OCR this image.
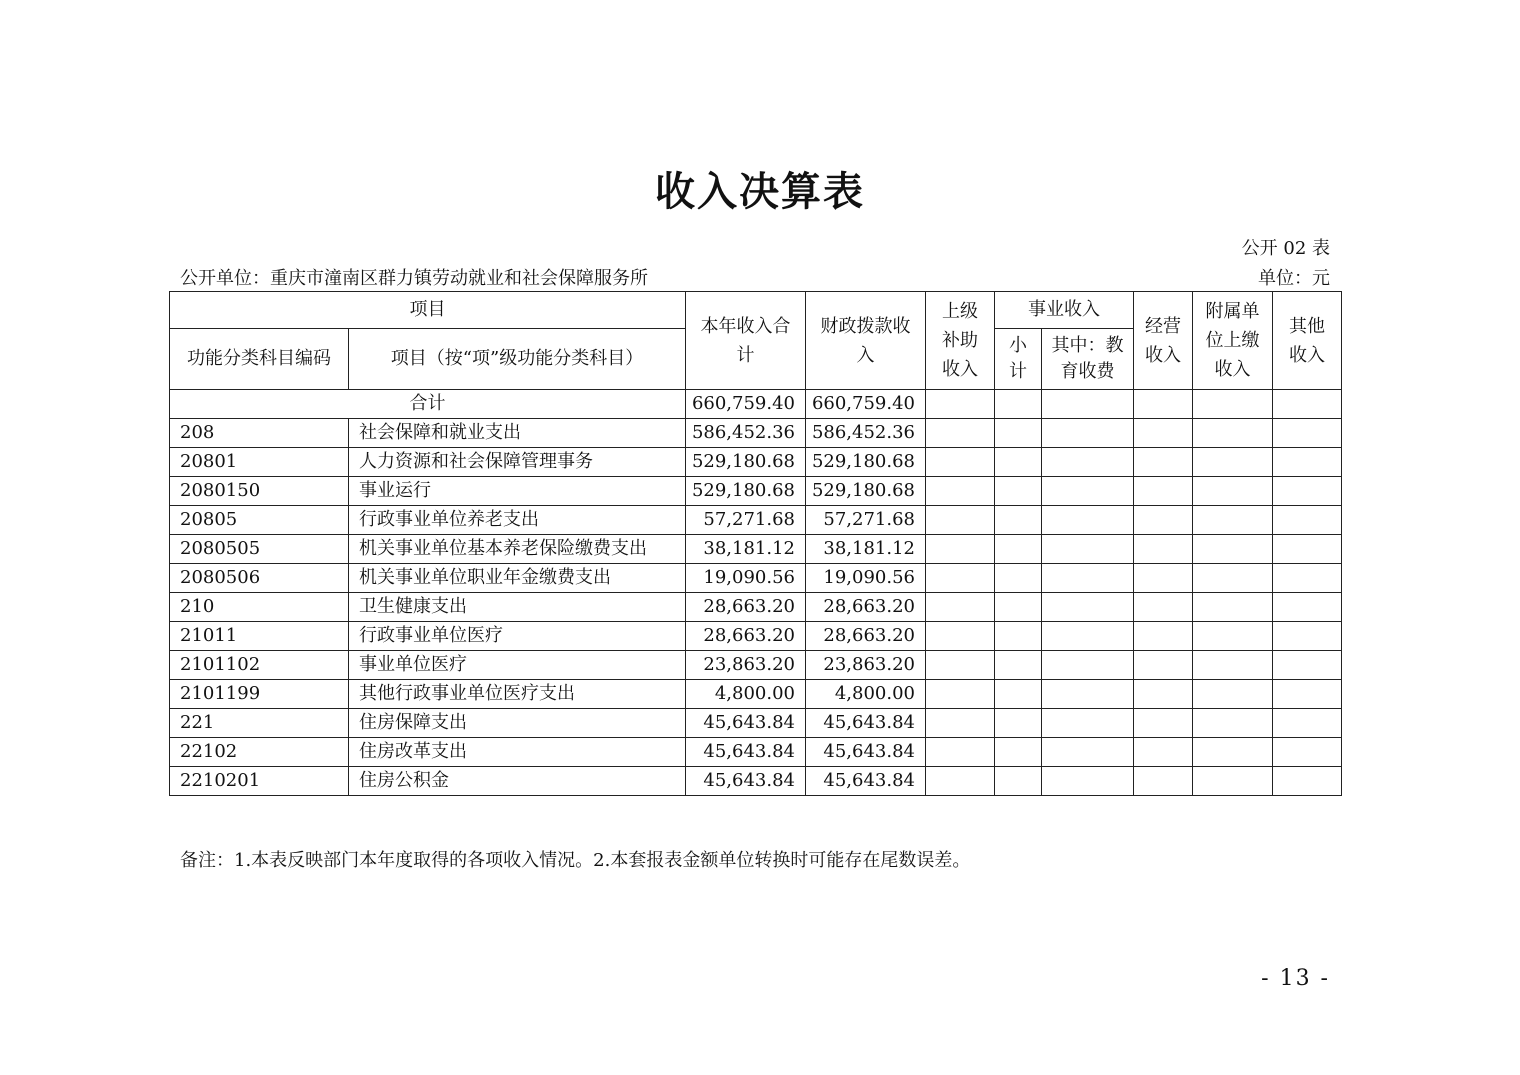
收入决算表
公开 02 表
公开单位：重庆市潼南区群力镇劳动就业和社会保障服务所	单位：元
项目		本年收入合计	财政拨款收入	上级补助收入	事业收入		经营收入	附属单位上缴收入	其他收入
功能分类科目编码	项目（按“项”级功能分类科目）				小计	其中：教育收费			
合计		660,759.40	660,759.40						
208	社会保障和就业支出	586,452.36	586,452.36						
20801	人力资源和社会保障管理事务	529,180.68	529,180.68						
2080150	事业运行	529,180.68	529,180.68						
20805	行政事业单位养老支出	57,271.68	57,271.68						
2080505	机关事业单位基本养老保险缴费支出	38,181.12	38,181.12						
2080506	机关事业单位职业年金缴费支出	19,090.56	19,090.56						
210	卫生健康支出	28,663.20	28,663.20						
21011	行政事业单位医疗	28,663.20	28,663.20						
2101102	事业单位医疗	23,863.20	23,863.20						
2101199	其他行政事业单位医疗支出	4,800.00	4,800.00						
221	住房保障支出	45,643.84	45,643.84						
22102	住房改革支出	45,643.84	45,643.84						
2210201	住房公积金	45,643.84	45,643.84						
备注：1.本表反映部门本年度取得的各项收入情况。2.本套报表金额单位转换时可能存在尾数误差。
- 13 -
